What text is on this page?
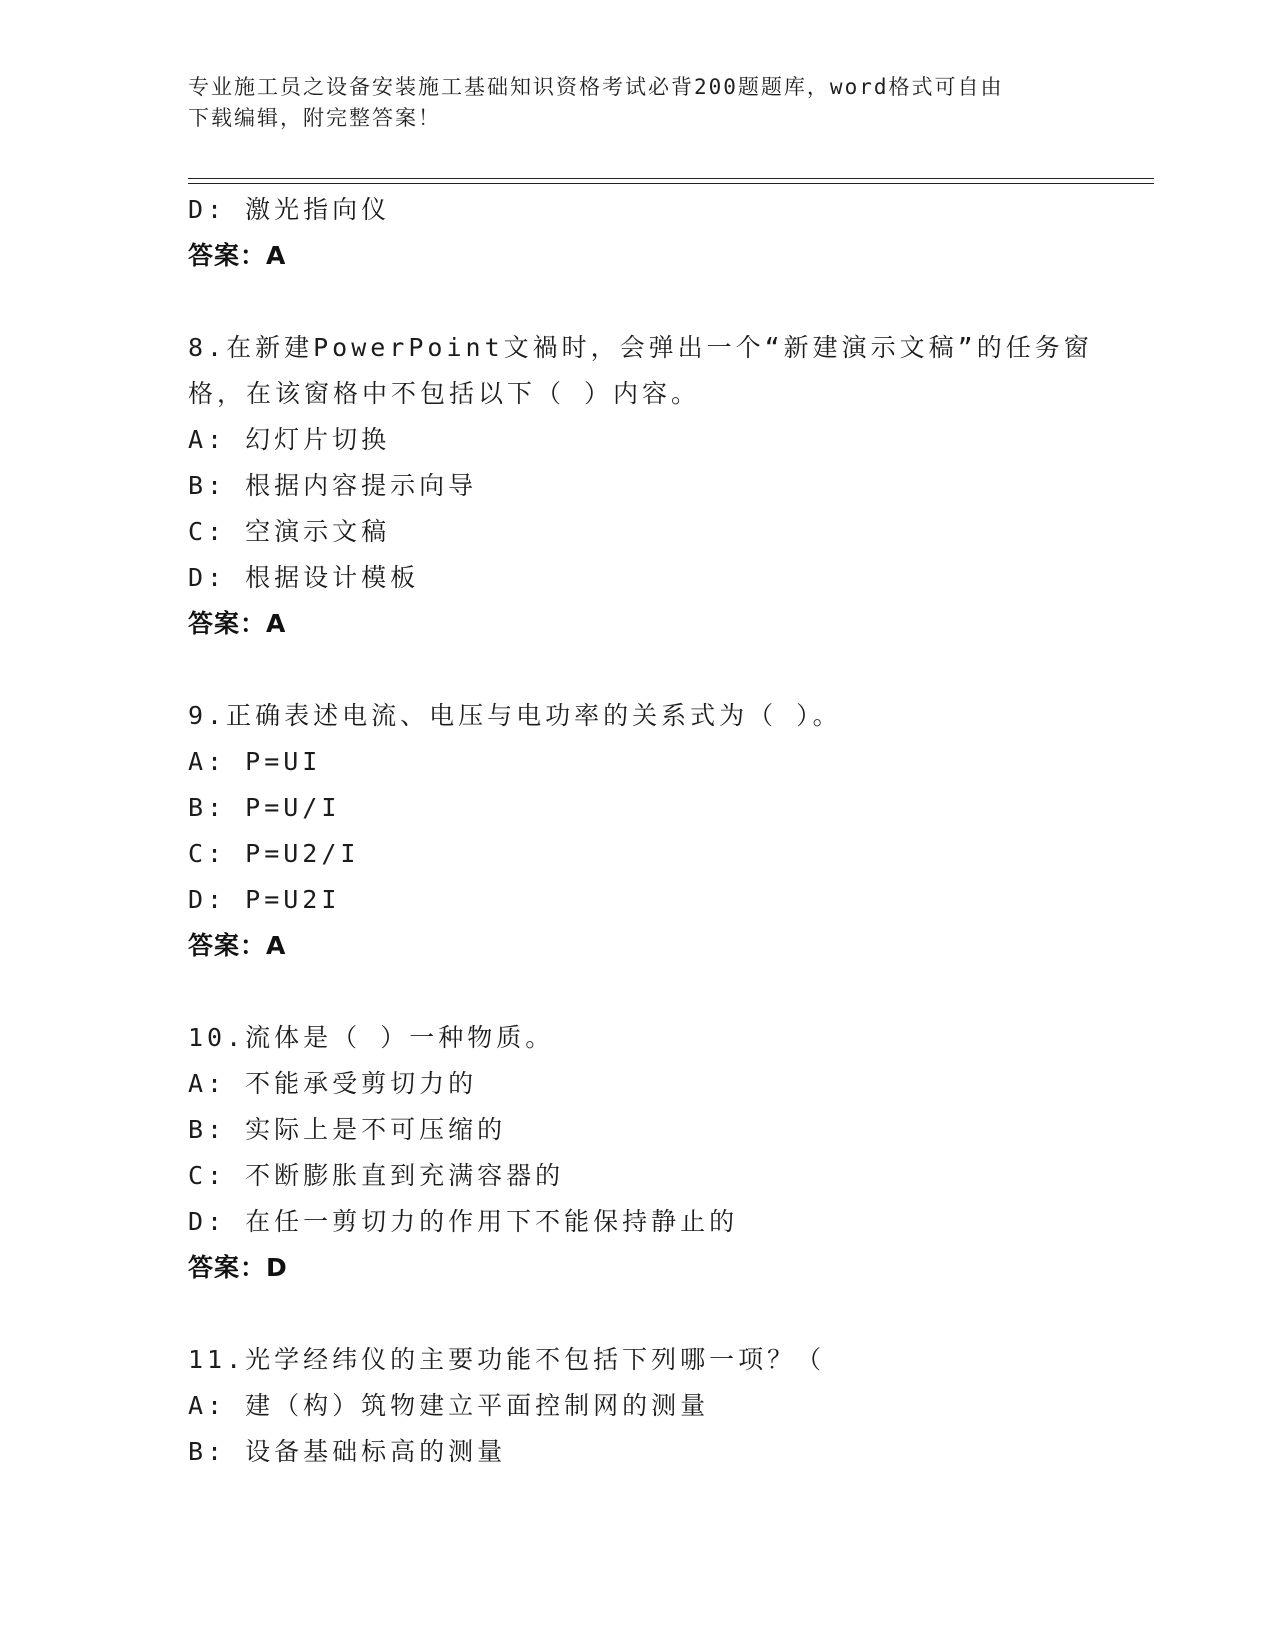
专业施工员之设备安装施工基础知识资格考试必背200题题库，word格式可自由
下载编辑，附完整答案！
D: 激光指向仪
答案：A
8.在新建PowerPoint文禍时，会弹出一个“新建演示文稿”的任务窗
格，在该窗格中不包括以下（ ）内容。
A: 幻灯片切换
B: 根据内容提示向导
C: 空演示文稿
D: 根据设计模板
答案：A
9.正确表述电流、电压与电功率的关系式为（ ）。
A: P=UI
B: P=U/I
C: P=U2/I
D: P=U2I
答案：A
10.流体是（ ）一种物质。
A: 不能承受剪切力的
B: 实际上是不可压缩的
C: 不断膨胀直到充满容器的
D: 在任一剪切力的作用下不能保持静止的
答案：D
11.光学经纬仪的主要功能不包括下列哪一项？（
A: 建（构）筑物建立平面控制网的测量
B: 设备基础标高的测量
